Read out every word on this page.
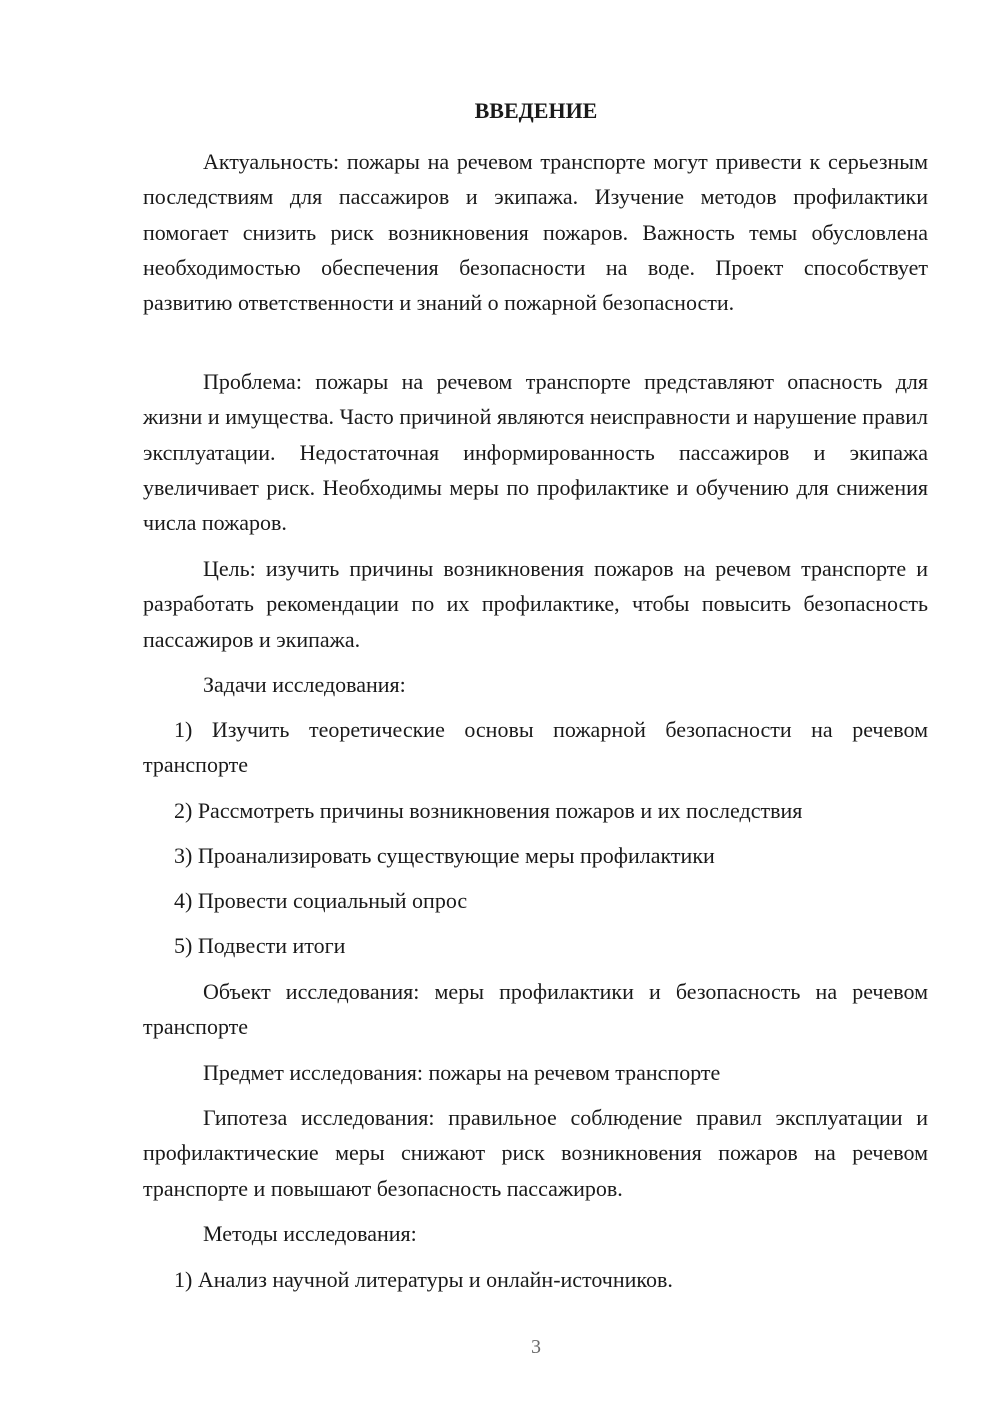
ВВЕДЕНИЕ

Актуальность: пожары на речевом транспорте могут привести к серьезным последствиям для пассажиров и экипажа. Изучение методов профилактики помогает снизить риск возникновения пожаров. Важность темы обусловлена необходимостью обеспечения безопасности на воде. Проект способствует развитию ответственности и знаний о пожарной безопасности.

Проблема: пожары на речевом транспорте представляют опасность для жизни и имущества. Часто причиной являются неисправности и нарушение правил эксплуатации. Недостаточная информированность пассажиров и экипажа увеличивает риск. Необходимы меры по профилактике и обучению для снижения числа пожаров.

Цель: изучить причины возникновения пожаров на речевом транспорте и разработать рекомендации по их профилактике, чтобы повысить безопасность пассажиров и экипажа.

Задачи исследования:

1) Изучить теоретические основы пожарной безопасности на речевом транспорте

2) Рассмотреть причины возникновения пожаров и их последствия

3) Проанализировать существующие меры профилактики

4) Провести социальный опрос

5) Подвести итоги

Объект исследования: меры профилактики и безопасность на речевом транспорте

Предмет исследования: пожары на речевом транспорте

Гипотеза исследования: правильное соблюдение правил эксплуатации и профилактические меры снижают риск возникновения пожаров на речевом транспорте и повышают безопасность пассажиров.

Методы исследования:

1) Анализ научной литературы и онлайн-источников.

3
